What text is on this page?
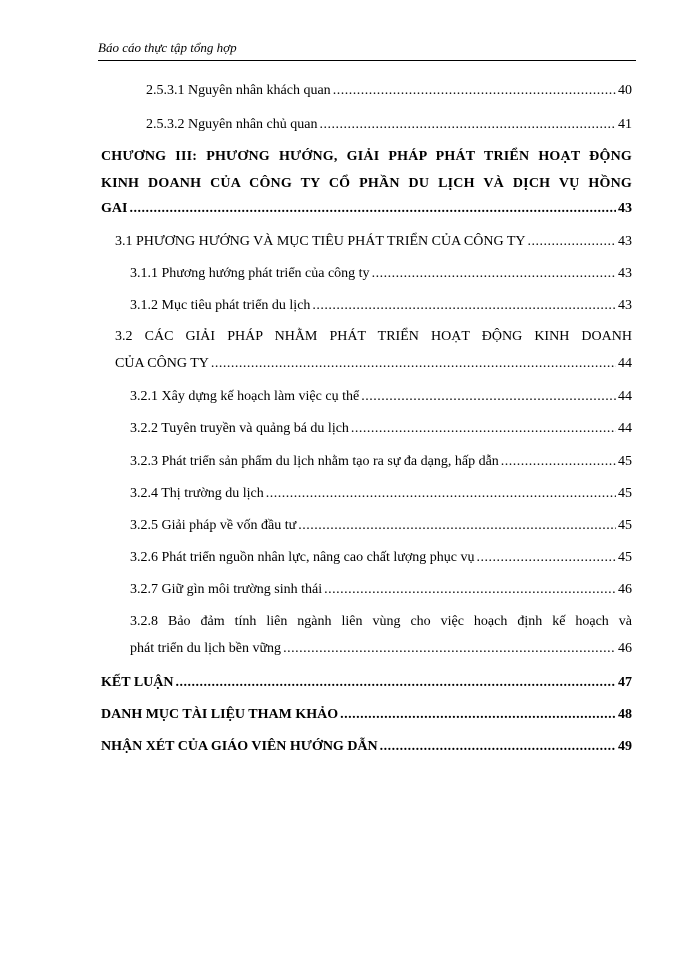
Báo cáo thực tập tổng hợp
2.5.3.1 Nguyên nhân khách quan .....	40
2.5.3.2 Nguyên nhân chủ quan .....	41
CHƯƠNG III: PHƯƠNG HƯỚNG, GIẢI PHÁP PHÁT TRIỂN HOẠT ĐỘNG
KINH DOANH CỦA CÔNG TY CỔ PHẦN DU LỊCH VÀ DỊCH VỤ HỒNG
GAI .....	43
3.1 PHƯƠNG HƯỚNG VÀ MỤC TIÊU PHÁT TRIỂN CỦA CÔNG TY .....	43
3.1.1 Phương hướng phát triển của công ty .....	43
3.1.2 Mục tiêu phát triển du lịch .....	43
3.2 CÁC GIẢI PHÁP NHẰM PHÁT TRIỂN HOẠT ĐỘNG KINH DOANH
CỦA CÔNG TY .....	44
3.2.1 Xây dựng kế hoạch làm việc cụ thể .....	44
3.2.2 Tuyên truyền và quảng bá du lịch .....	44
3.2.3 Phát triển sản phẩm du lịch nhằm tạo ra sự đa dạng, hấp dẫn .....	45
3.2.4 Thị trường du lịch .....	45
3.2.5 Giải pháp về vốn đầu tư .....	45
3.2.6 Phát triển nguồn nhân lực, nâng cao chất lượng phục vụ .....	45
3.2.7 Giữ gìn môi trường sinh thái .....	46
3.2.8 Bảo đảm tính liên ngành liên vùng cho việc hoạch định kế hoạch và
phát triển du lịch bền vững .....	46
KẾT LUẬN .....	47
DANH MỤC TÀI LIỆU THAM KHẢO .....	48
NHẬN XÉT CỦA GIÁO VIÊN HƯỚNG DẪN .....	49
